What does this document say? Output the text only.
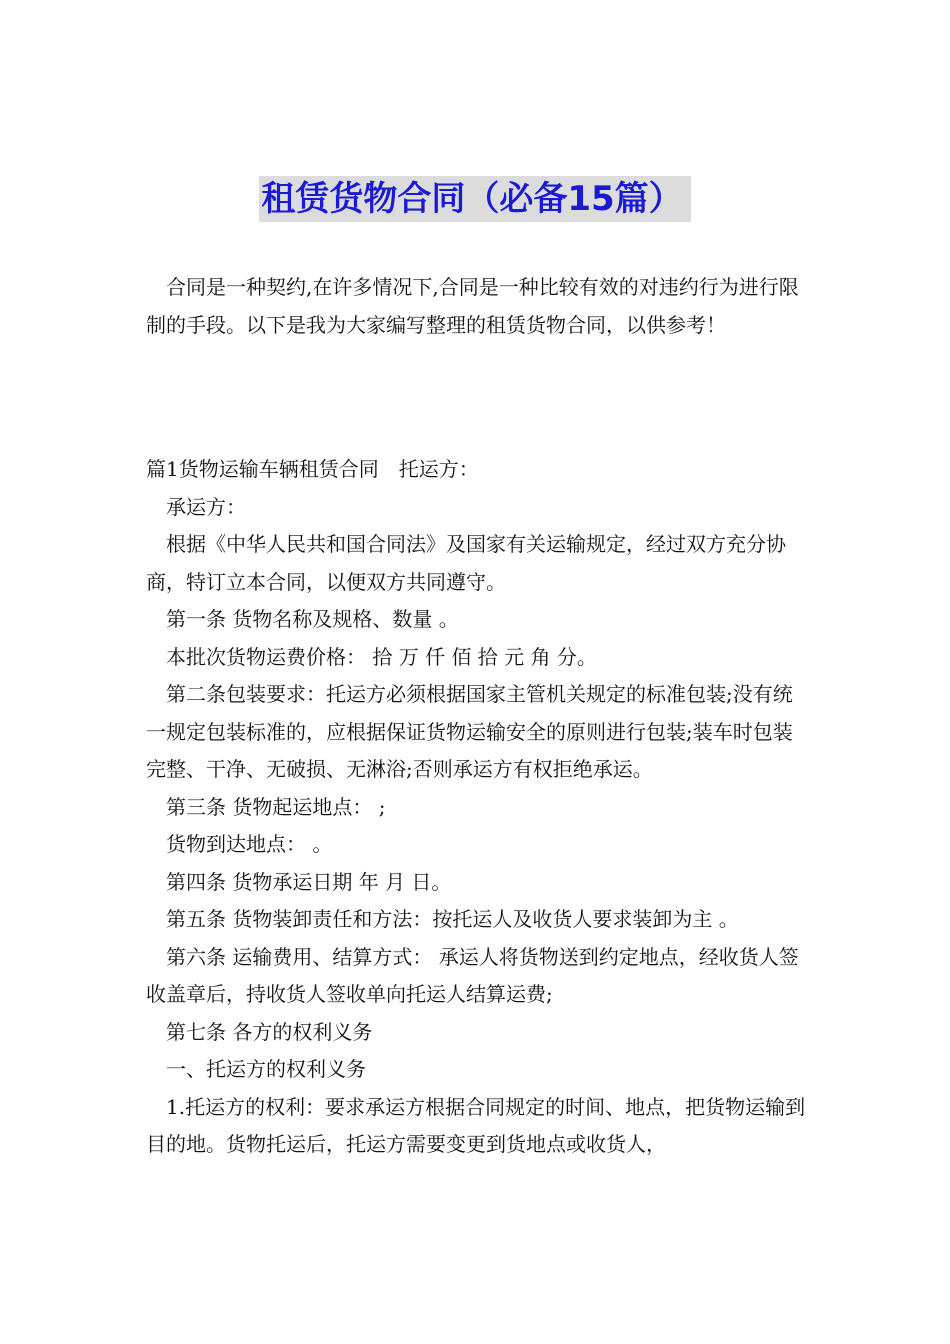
租赁货物合同（必备15篇）

合同是一种契约,在许多情况下,合同是一种比较有效的对违约行为进行限制的手段。以下是我为大家编写整理的租赁货物合同，以供参考！

篇1货物运输车辆租赁合同　托运方：

承运方：

根据《中华人民共和国合同法》及国家有关运输规定，经过双方充分协商，特订立本合同，以便双方共同遵守。

第一条 货物名称及规格、数量 。

本批次货物运费价格： 拾 万 仟 佰 拾 元 角 分。

第二条包装要求：托运方必须根据国家主管机关规定的标准包装;没有统一规定包装标准的，应根据保证货物运输安全的原则进行包装;装车时包装完整、干净、无破损、无淋浴;否则承运方有权拒绝承运。

第三条 货物起运地点： ;

货物到达地点： 。

第四条 货物承运日期 年 月 日。

第五条 货物装卸责任和方法：按托运人及收货人要求装卸为主 。

第六条 运输费用、结算方式： 承运人将货物送到约定地点，经收货人签收盖章后，持收货人签收单向托运人结算运费;

第七条 各方的权利义务

一、托运方的权利义务

1.托运方的权利：要求承运方根据合同规定的时间、地点，把货物运输到目的地。货物托运后，托运方需要变更到货地点或收货人，
